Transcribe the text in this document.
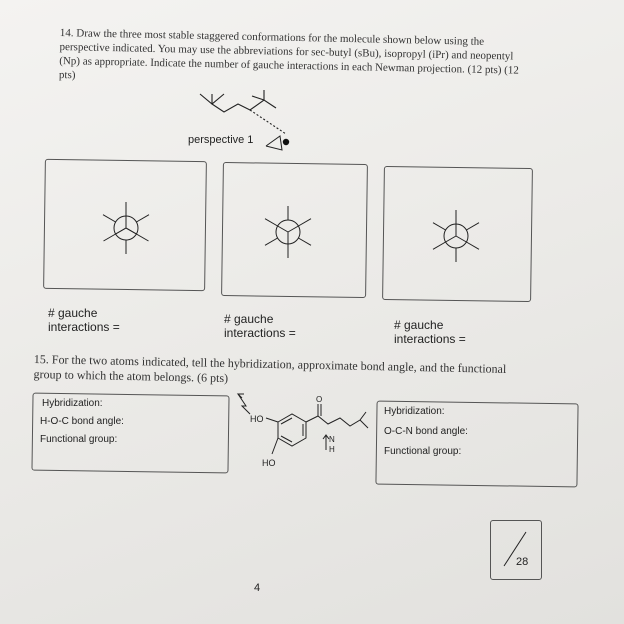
14. Draw the three most stable staggered conformations for the molecule shown below using the perspective indicated. You may use the abbreviations for sec-butyl (sBu), isopropyl (iPr) and neopentyl (Np) as appropriate. Indicate the number of gauche interactions in each Newman projection. (12 pts) (12 pts)
perspective 1
# gauche
interactions =
# gauche
interactions =
# gauche
interactions =
15. For the two atoms indicated, tell the hybridization, approximate bond angle, and the functional group to which the atom belongs. (6 pts)
Hybridization:
H-O-C bond angle:
Functional group:
Hybridization:
O-C-N bond angle:
Functional group:
HO
HO
O
N
H
28
4
